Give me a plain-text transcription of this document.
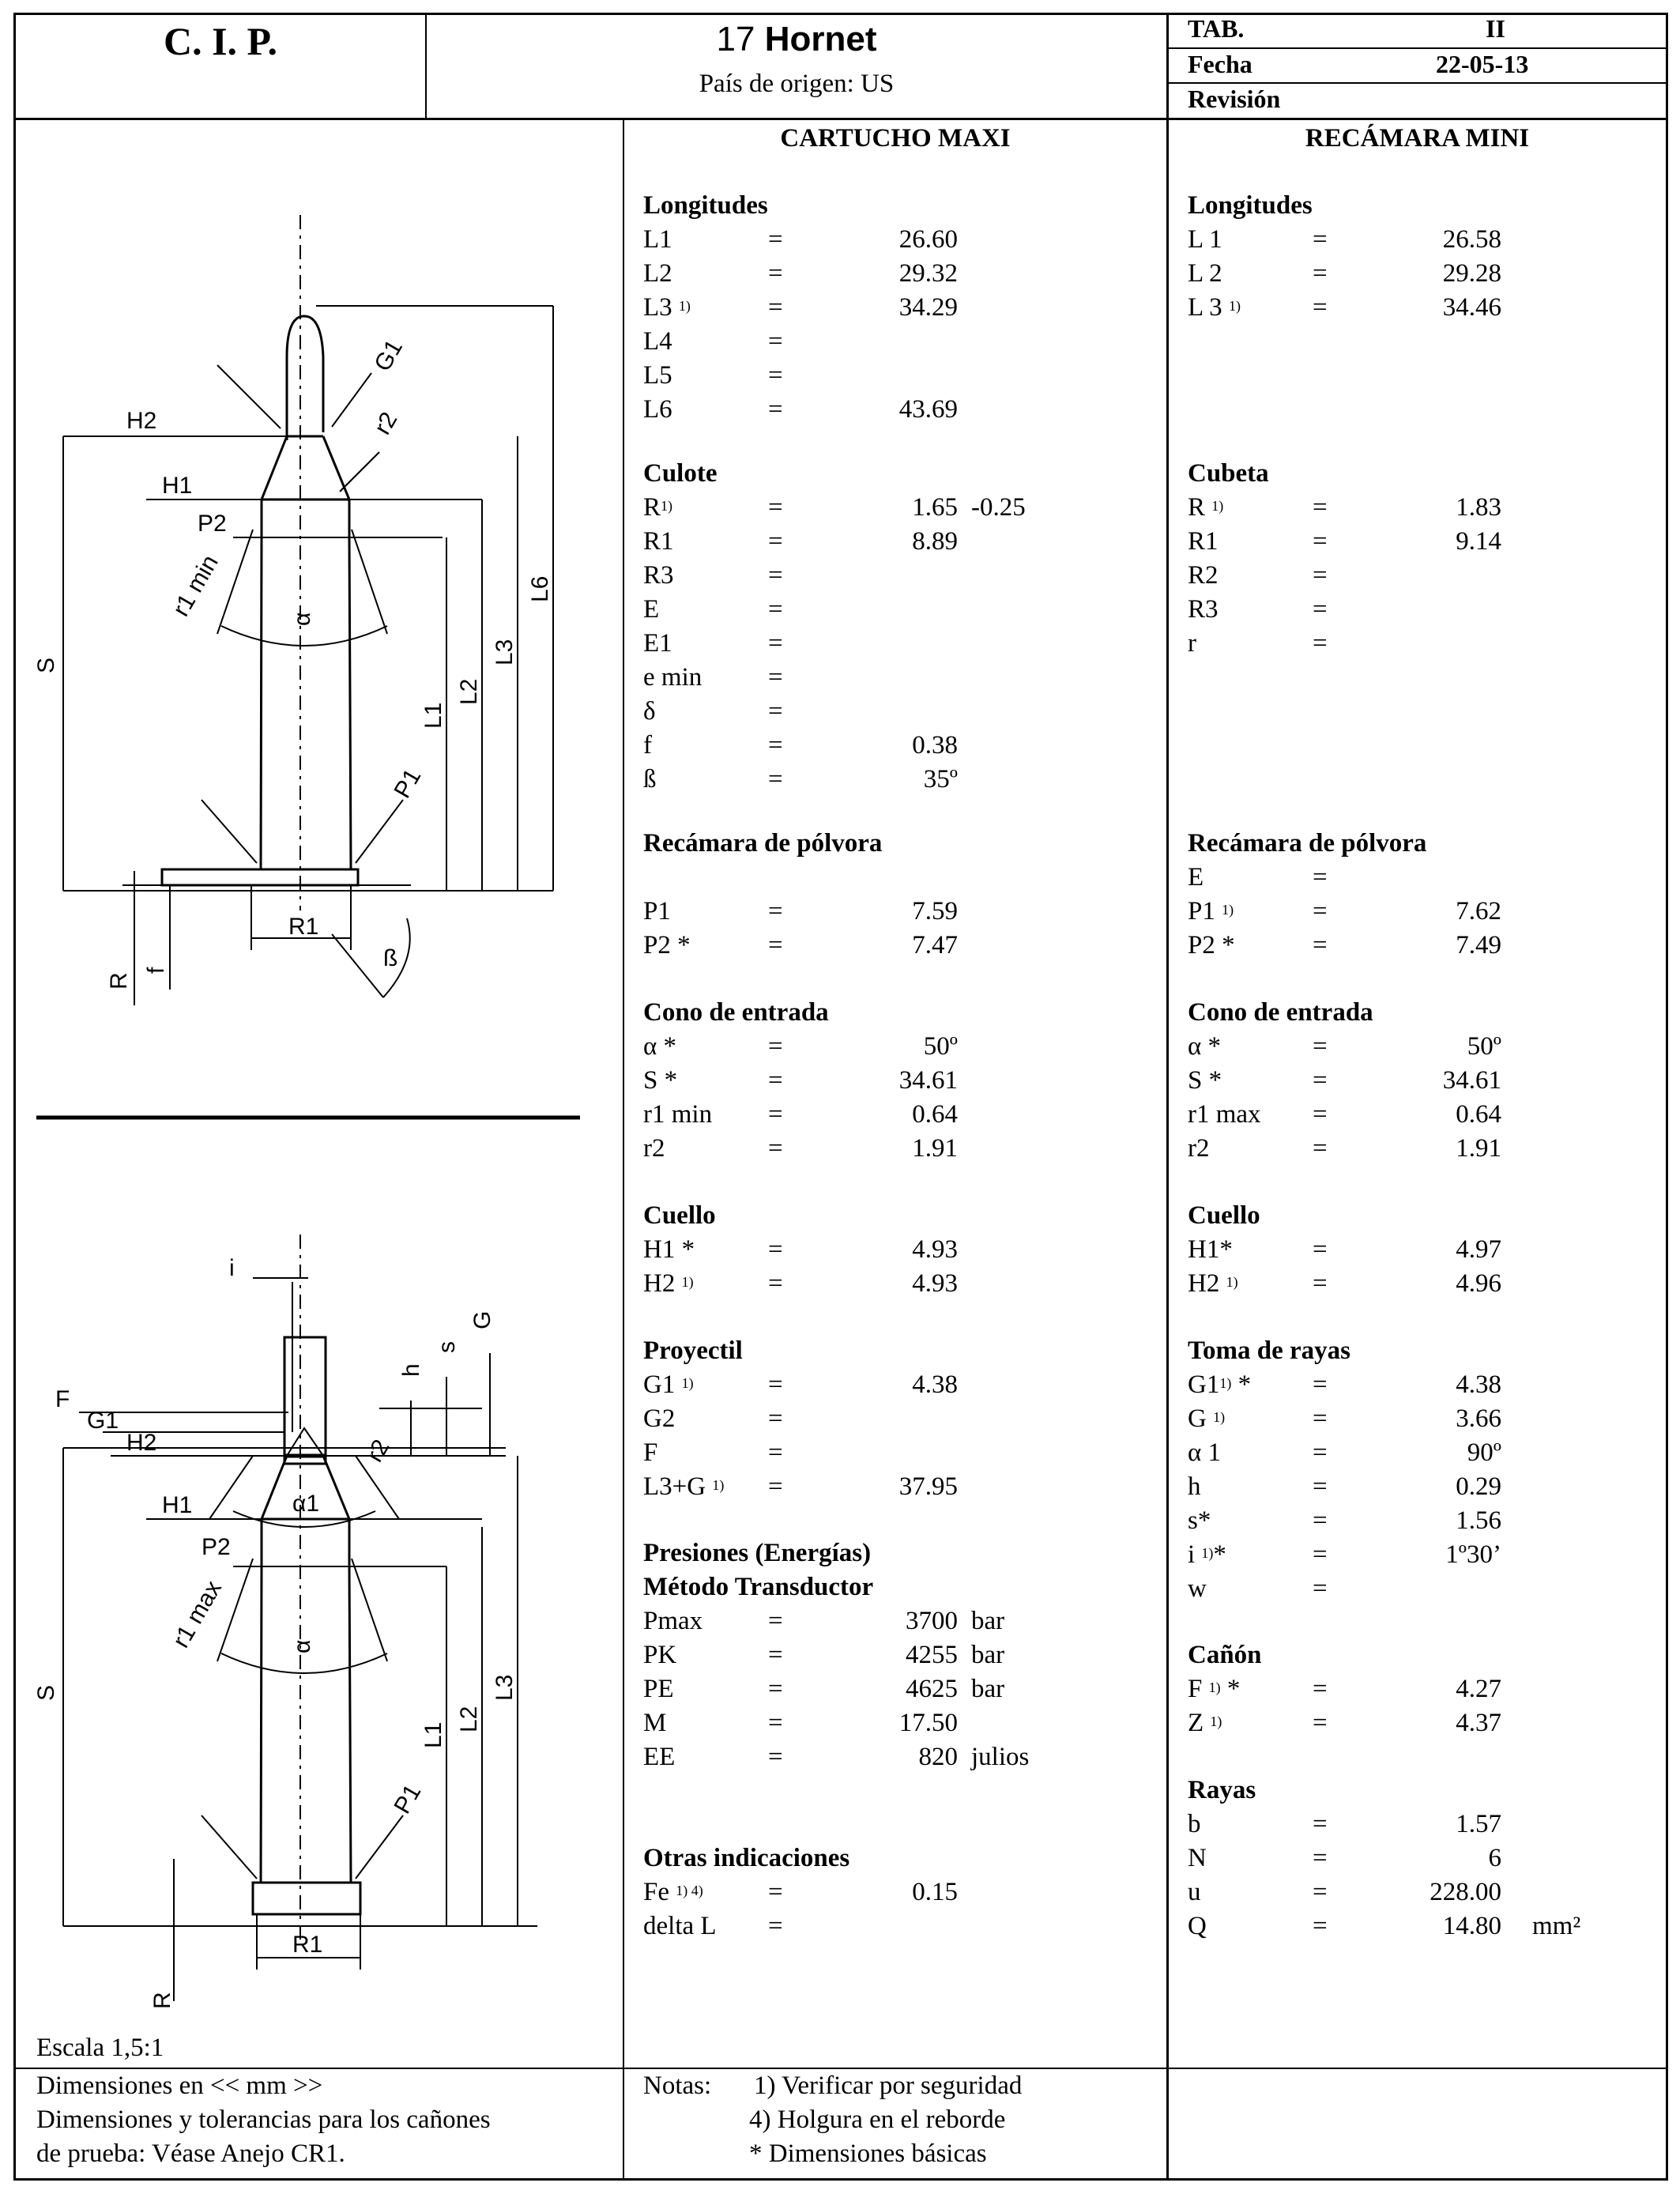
C. I. P.	17 Hornet
País de origen: US
TAB.	II
Fecha	22-05-13
Revisión
CARTUCHO MAXI	RECÁMARA MINI
Longitudes
L1	=	26.60
L2	=	29.32
L3 $^{1)}$	=	34.29
L4	=
L5	=
L6	=	43.69
Culote
$R^{1)}$	=	1.65 -0.25
R1	=	8.89
R3	=
E	=
E1	=
e min	=
δ	=
f	=	0.38
ß	=	35º
Recámara de pólvora
P1	=	7.59
P2 *	=	7.47
Cono de entrada
α *	=	50º
S *	=	34.61
r1 min =	0.64
r2	=	1.91
Cuello
H1 *	=	4.93
H2 $^{1)}$	=	4.93
Proyectil
G1 $^{1)}$	=	4.38
G2	=
F	=
L3+G $^{1)}$ =	37.95
Presiones (Energías)
Método Transductor
Pmax	=	3700 bar
PK	=	4255 bar
PE	=	4625 bar
M	=	17.50
EE	=	820 julios
Otras indicaciones
Fe $^{1) 4)}$ =	0.15
delta L =
Longitudes
L 1	=	26.58
L 2	=	29.28
L 3 $^{1)}$	=	34.46
Cubeta
R $^{1)}$	=	1.83
R1	=	9.14
R2	=
R3	=
r	=
Recámara de pólvora
E	=
P1 $^{1)}$	=	7.62
P2 *	=	7.49
Cono de entrada
α *	=	50º
S *	=	34.61
r1 max =	0.64
r2	=	1.91
Cuello
H1*	=	4.97
H2 $^{1)}$	=	4.96
Toma de rayas
G1$^{1)}$ * =	4.38
G $^{1)}$	=	3.66
α 1	=	90º
h	=	0.29
s*	=	1.56
i $^{1)}$*	=	1º30’
w	=
Cañón
F $^{1)}$ *	=	4.27
Z $^{1)}$	=	4.37
Rayas
b	=	1.57
N	=	6
u	=	228.00
Q	=	14.80 mm²
G1
H2	r2
H1
P2
r1 min	α
S
L1
L2
L3
L6
P1
R1
ß
R
f
i
G
s
h
F
G1
H2	r2
H1	α1
P2
r1 max	α
S
L1
L2
L3
P1
R1
R
Escala 1,5:1
Dimensiones en << mm >>
Dimensiones y tolerancias para los cañones
de prueba: Véase Anejo CR1.
Notas: 1) Verificar por seguridad
4) Holgura en el reborde
* Dimensiones básicas
